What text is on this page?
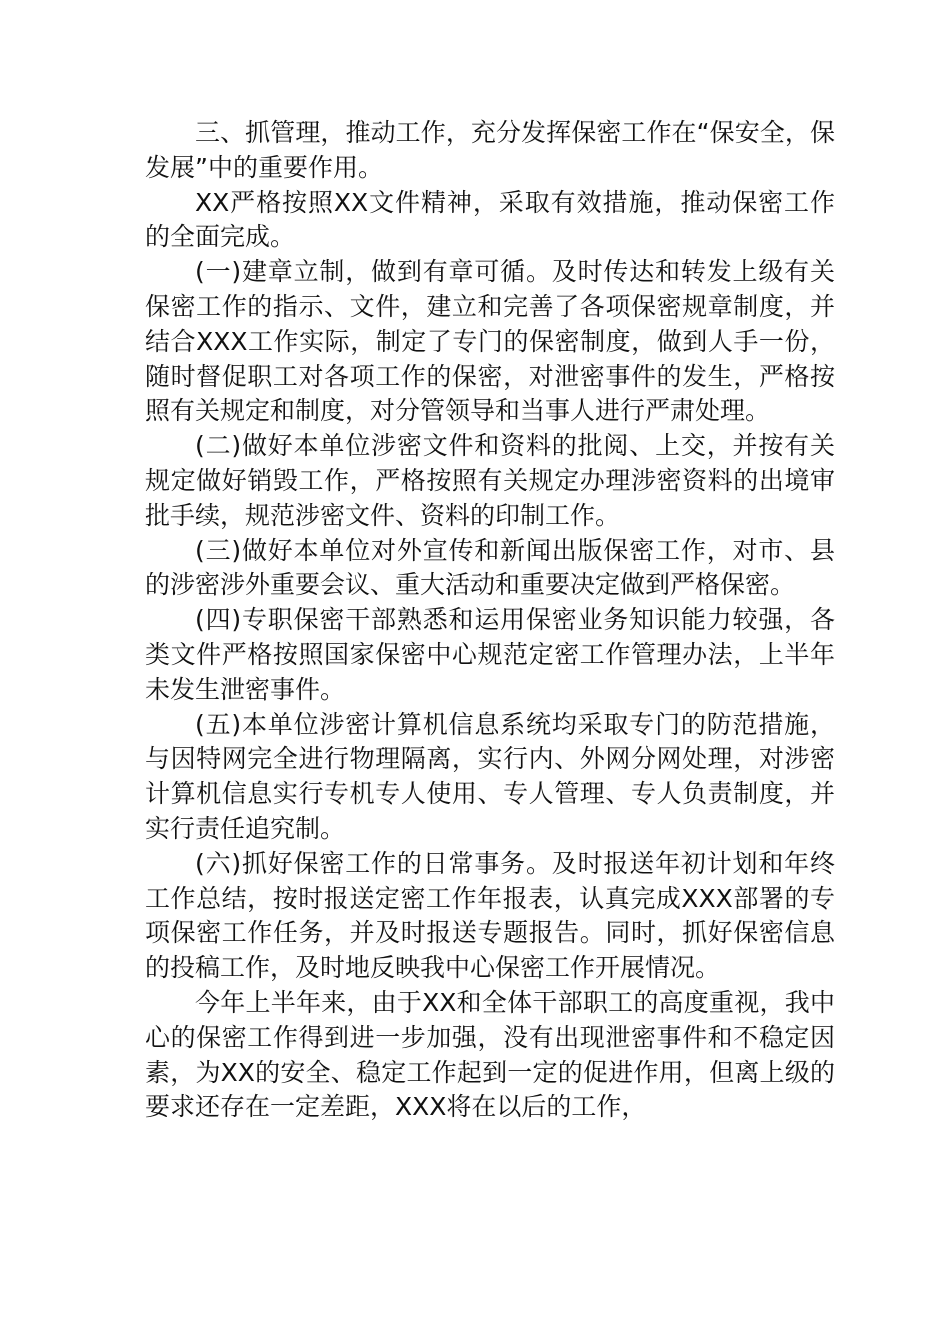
三、抓管理，推动工作，充分发挥保密工作在“保安全，保发展”中的重要作用。

XX严格按照XX文件精神，采取有效措施，推动保密工作的全面完成。

(一)建章立制，做到有章可循。及时传达和转发上级有关保密工作的指示、文件，建立和完善了各项保密规章制度，并结合XXX工作实际，制定了专门的保密制度，做到人手一份，随时督促职工对各项工作的保密，对泄密事件的发生，严格按照有关规定和制度，对分管领导和当事人进行严肃处理。

(二)做好本单位涉密文件和资料的批阅、上交，并按有关规定做好销毁工作，严格按照有关规定办理涉密资料的出境审批手续，规范涉密文件、资料的印制工作。

(三)做好本单位对外宣传和新闻出版保密工作，对市、县的涉密涉外重要会议、重大活动和重要决定做到严格保密。

(四)专职保密干部熟悉和运用保密业务知识能力较强，各类文件严格按照国家保密中心规范定密工作管理办法，上半年未发生泄密事件。

(五)本单位涉密计算机信息系统均采取专门的防范措施，与因特网完全进行物理隔离，实行内、外网分网处理，对涉密计算机信息实行专机专人使用、专人管理、专人负责制度，并实行责任追究制。

(六)抓好保密工作的日常事务。及时报送年初计划和年终工作总结，按时报送定密工作年报表，认真完成XXX部署的专项保密工作任务，并及时报送专题报告。同时，抓好保密信息的投稿工作，及时地反映我中心保密工作开展情况。

今年上半年来，由于XX和全体干部职工的高度重视，我中心的保密工作得到进一步加强，没有出现泄密事件和不稳定因素，为XX的安全、稳定工作起到一定的促进作用，但离上级的要求还存在一定差距，XXX将在以后的工作，
